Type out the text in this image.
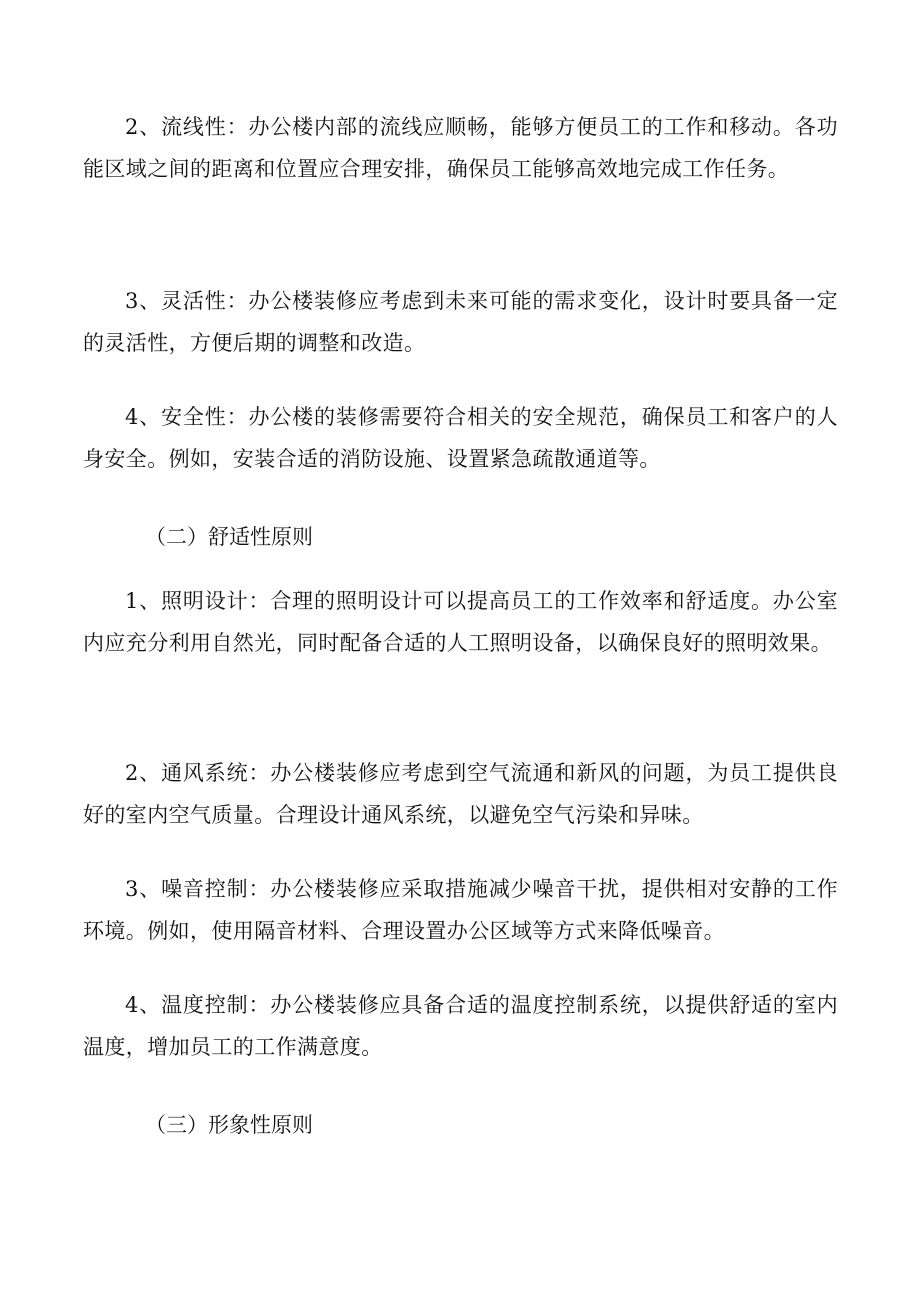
2、流线性：办公楼内部的流线应顺畅，能够方便员工的工作和移动。各功能区域之间的距离和位置应合理安排，确保员工能够高效地完成工作任务。

3、灵活性：办公楼装修应考虑到未来可能的需求变化，设计时要具备一定的灵活性，方便后期的调整和改造。

4、安全性：办公楼的装修需要符合相关的安全规范，确保员工和客户的人身安全。例如，安装合适的消防设施、设置紧急疏散通道等。

（二）舒适性原则

1、照明设计：合理的照明设计可以提高员工的工作效率和舒适度。办公室内应充分利用自然光，同时配备合适的人工照明设备，以确保良好的照明效果。

2、通风系统：办公楼装修应考虑到空气流通和新风的问题，为员工提供良好的室内空气质量。合理设计通风系统，以避免空气污染和异味。

3、噪音控制：办公楼装修应采取措施减少噪音干扰，提供相对安静的工作环境。例如，使用隔音材料、合理设置办公区域等方式来降低噪音。

4、温度控制：办公楼装修应具备合适的温度控制系统，以提供舒适的室内温度，增加员工的工作满意度。

（三）形象性原则
